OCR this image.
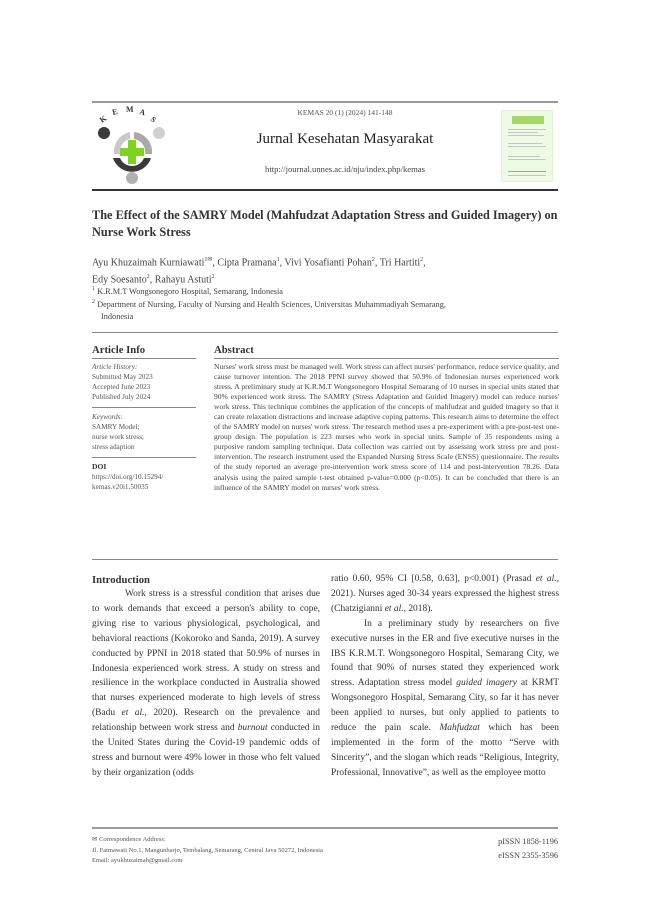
K
E M A
S
KEMAS 20 (1) (2024) 141-148
Jurnal Kesehatan Masyarakat
http://journal.unnes.ac.id/nju/index.php/kemas
The Effect of the SAMRY Model (Mahfudzat Adaptation Stress and Guided Imagery) on Nurse Work Stress
Ayu Khuzaimah Kurniawati$^{1✉}$, Cipta Pramana$^1$, Vivi Yosafianti Pohan$^2$, Tri Hartiti$^2$,
Edy Soesanto$^2$, Rahayu Astuti$^2$
$^1$ K.R.M.T Wongsonegoro Hospital, Semarang, Indonesia
$^2$ Department of Nursing, Faculty of Nursing and Health Sciences, Universitas Muhammadiyah Semarang,
Indonesia
Article Info
Article History:
Submitted May 2023
Accepted June 2023
Published July 2024
Keywords:
SAMRY Model;
nurse work stress;
stress adaption
DOI
https://doi.org/10.15294/
kemas.v20i1.50035
Abstract
Nurses' work stress must be managed well. Work stress can affect nurses' performance, reduce service quality, and cause turnover intention. The 2018 PPNI survey showed that 50.9% of Indonesian nurses experienced work stress. A preliminary study at K.R.M.T Wongsonegoro Hospital Semarang of 10 nurses in special units stated that 90% experienced work stress. The SAMRY (Stress Adaptation and Guided Imagery) model can reduce nurses' work stress. This technique combines the application of the concepts of mahfudzat and guided imagery so that it can create relaxation distractions and increase adaptive coping patterns. This research aims to determine the effect of the SAMRY model on nurses' work stress. The research method uses a pre-experiment with a pre-post-test one-group design. The population is 223 nurses who work in special units. Sample of 35 respondents using a purposive random sampling technique. Data collection was carried out by assessing work stress pre and post-intervention. The research instrument used the Expanded Nursing Stress Scale (ENSS) questionnaire. The results of the study reported an average pre-intervention work stress score of 114 and post-intervention 78.26. Data analysis using the paired sample t-test obtained p-value=0.000 (p<0.05). It can be concluded that there is an influence of the SAMRY model on nurses' work stress.
Introduction

Work stress is a stressful condition that arises due to work demands that exceed a person's ability to cope, giving rise to various physiological, psychological, and behavioral reactions (Kokoroko and Sanda, 2019). A survey conducted by PPNI in 2018 stated that 50.9% of nurses in Indonesia experienced work stress. A study on stress and resilience in the workplace conducted in Australia showed that nurses experienced moderate to high levels of stress (Badu et al., 2020). Research on the prevalence and relationship between work stress and burnout conducted in the United States during the Covid-19 pandemic odds of stress and burnout were 49% lower in those who felt valued by their organization (odds

ratio 0.60, 95% CI [0.58, 0.63], p<0.001) (Prasad et al., 2021). Nurses aged 30-34 years expressed the highest stress (Chatzigianni et al., 2018).

In a preliminary study by researchers on five executive nurses in the ER and five executive nurses in the IBS K.R.M.T. Wongsonegoro Hospital, Semarang City, we found that 90% of nurses stated they experienced work stress. Adaptation stress model guided imagery at KRMT Wongsonegoro Hospital, Semarang City, so far it has never been applied to nurses, but only applied to patients to reduce the pain scale. Mahfudzat which has been implemented in the form of the motto “Serve with Sincerity”, and the slogan which reads “Religious, Integrity, Professional, Innovative”, as well as the employee motto

✉ Correspondence Address:
Jl. Fatmawati No.1, Mangunharjo, Tembalang, Semarang, Central Java 50272, Indonesia
Email: ayukhuzaimah@gmail.com
pISSN 1858-1196
eISSN 2355-3596
